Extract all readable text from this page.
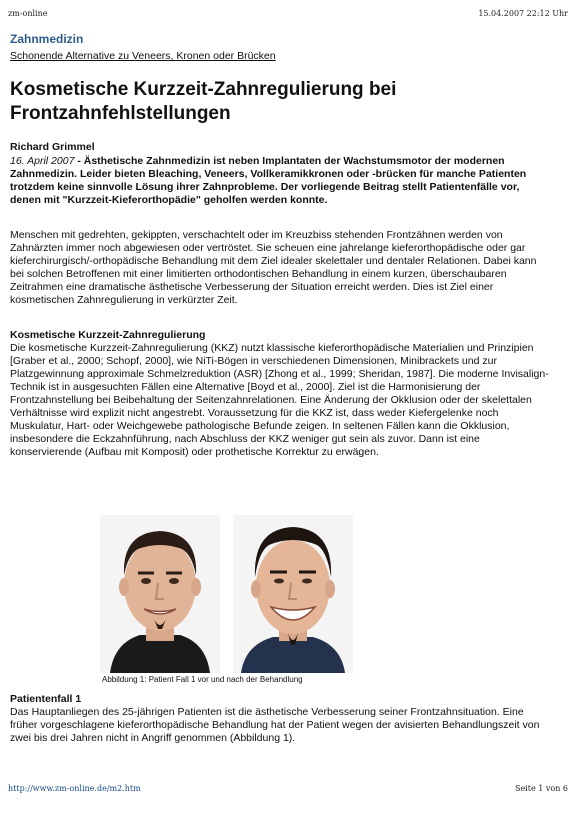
zm-online	15.04.2007 22:12 Uhr
Zahnmedizin
Schonende Alternative zu Veneers, Kronen oder Brücken
Kosmetische Kurzzeit-Zahnregulierung bei Frontzahnfehlstellungen
Richard Grimmel
16. April 2007 - Ästhetische Zahnmedizin ist neben Implantaten der Wachstumsmotor der modernen Zahnmedizin. Leider bieten Bleaching, Veneers, Vollkeramikkronen oder -brücken für manche Patienten trotzdem keine sinnvolle Lösung ihrer Zahnprobleme. Der vorliegende Beitrag stellt Patientenfälle vor, denen mit "Kurzzeit-Kieferorthopädie" geholfen werden konnte.

Menschen mit gedrehten, gekippten, verschachtelt oder im Kreuzbiss stehenden Frontzähnen werden von Zahnärzten immer noch abgewiesen oder vertröstet. Sie scheuen eine jahrelange kieferorthopädische oder gar kieferchirurgisch/-orthopädische Behandlung mit dem Ziel idealer skelettaler und dentaler Relationen. Dabei kann bei solchen Betroffenen mit einer limitierten orthodontischen Behandlung in einem kurzen, überschaubaren Zeitrahmen eine dramatische ästhetische Verbesserung der Situation erreicht werden. Dies ist Ziel einer kosmetischen Zahnregulierung in verkürzter Zeit.

Kosmetische Kurzzeit-Zahnregulierung

Die kosmetische Kurzzeit-Zahnregulierung (KKZ) nutzt klassische kieferorthopädische Materialien und Prinzipien [Graber et al., 2000; Schopf, 2000], wie NiTi-Bögen in verschiedenen Dimensionen, Minibrackets und zur Platzgewinnung approximale Schmelzreduktion (ASR) [Zhong et al., 1999; Sheridan, 1987]. Die moderne Invisalign-Technik ist in ausgesuchten Fällen eine Alternative [Boyd et al., 2000]. Ziel ist die Harmonisierung der Frontzahnstellung bei Beibehaltung der Seitenzahnrelationen. Eine Änderung der Okklusion oder der skelettalen Verhältnisse wird explizit nicht angestrebt. Voraussetzung für die KKZ ist, dass weder Kiefergelenke noch Muskulatur, Hart- oder Weichgewebe pathologische Befunde zeigen. In seltenen Fällen kann die Okklusion, insbesondere die Eckzahnführung, nach Abschluss der KKZ weniger gut sein als zuvor. Dann ist eine konservierende (Aufbau mit Komposit) oder prothetische Korrektur zu erwägen.

Abbildung 1: Patient Fall 1 vor und nach der Behandlung
Patientenfall 1

Das Hauptanliegen des 25-jährigen Patienten ist die ästhetische Verbesserung seiner Frontzahnsituation. Eine früher vorgeschlagene kieferorthopädische Behandlung hat der Patient wegen der avisierten Behandlungszeit von zwei bis drei Jahren nicht in Angriff genommen (Abbildung 1).

http://www.zm-online.de/m2.htm	Seite 1 von 6
